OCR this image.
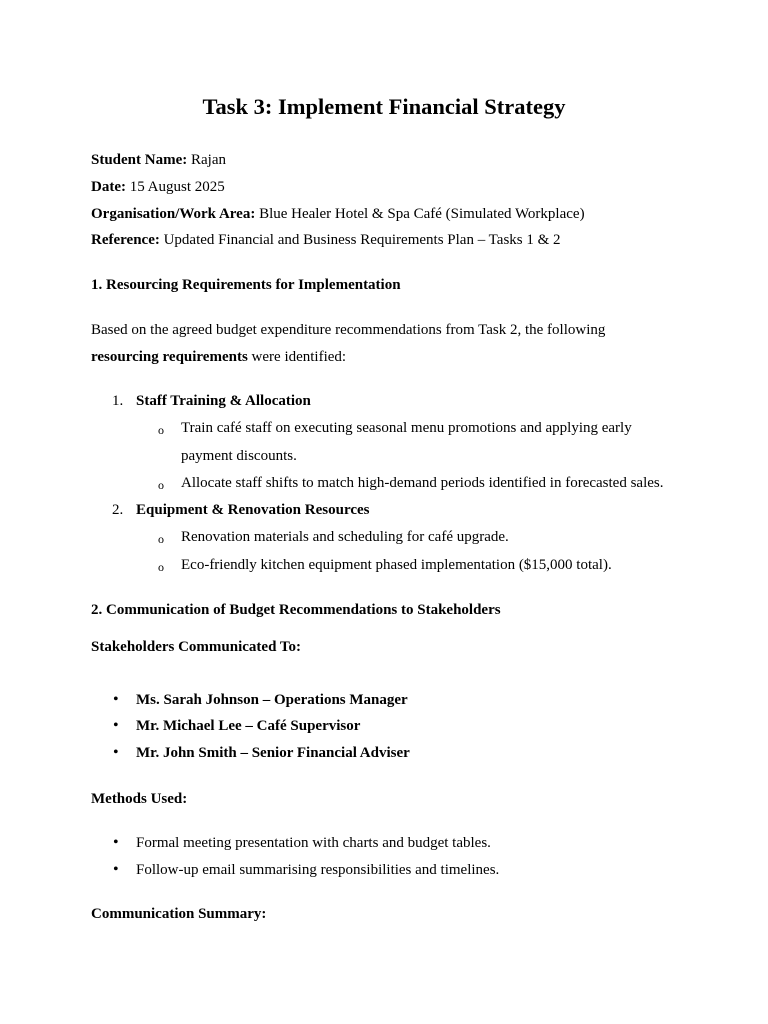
Task 3: Implement Financial Strategy

Student Name: Rajan

Date: 15 August 2025

Organisation/Work Area: Blue Healer Hotel & Spa Café (Simulated Workplace)

Reference: Updated Financial and Business Requirements Plan – Tasks 1 & 2

1. Resourcing Requirements for Implementation

Based on the agreed budget expenditure recommendations from Task 2, the following

resourcing requirements were identified:

1. Staff Training & Allocation

o Train café staff on executing seasonal menu promotions and applying early

payment discounts.

o Allocate staff shifts to match high-demand periods identified in forecasted sales.

2. Equipment & Renovation Resources

o Renovation materials and scheduling for café upgrade.

o Eco-friendly kitchen equipment phased implementation ($15,000 total).

2. Communication of Budget Recommendations to Stakeholders

Stakeholders Communicated To:

• Ms. Sarah Johnson – Operations Manager

• Mr. Michael Lee – Café Supervisor

• Mr. John Smith – Senior Financial Adviser

Methods Used:

• Formal meeting presentation with charts and budget tables.

• Follow-up email summarising responsibilities and timelines.

Communication Summary:
